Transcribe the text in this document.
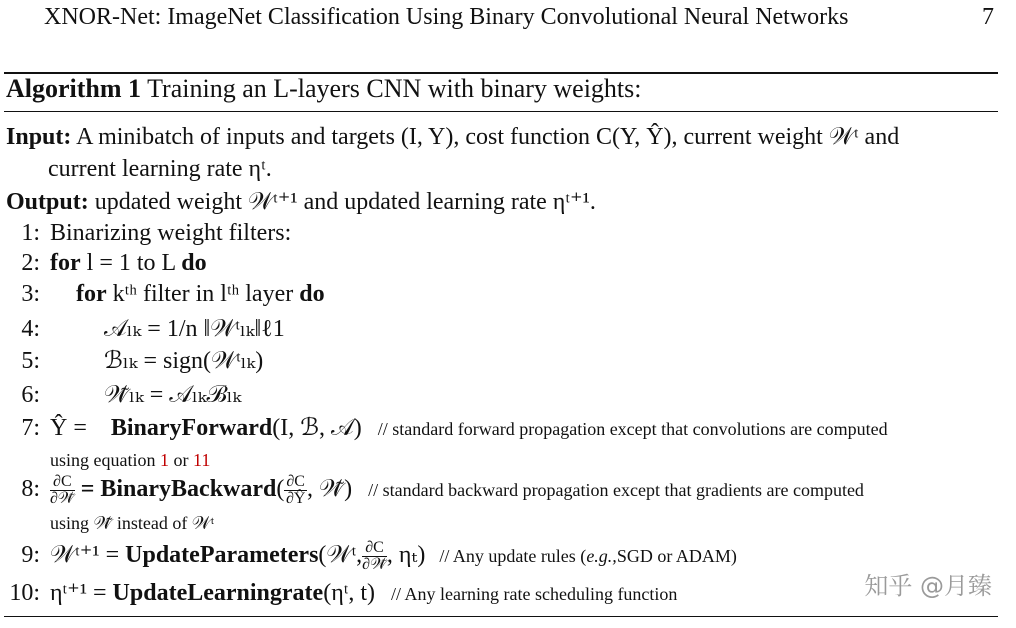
XNOR-Net: ImageNet Classification Using Binary Convolutional Neural Networks	7
Algorithm 1 Training an L-layers CNN with binary weights:
Input: A minibatch of inputs and targets (I, Y), cost function C(Y, Ŷ), current weight 𝒲ᵗ and
current learning rate ηᵗ.
Output: updated weight 𝒲ᵗ⁺¹ and updated learning rate ηᵗ⁺¹.
1: Binarizing weight filters:
2: for l = 1 to L do
3: for kᵗʰ filter in lᵗʰ layer do
4:	𝒜ₗₖ = 1/n ‖𝒲ᵗₗₖ‖ℓ1
5:	ℬₗₖ = sign(𝒲ᵗₗₖ)
6:	𝒲̃ₗₖ = 𝒜ₗₖℬₗₖ
7: Ŷ = BinaryForward(I, ℬ, 𝒜) // standard forward propagation except that convolutions are computed
using equation 1 or 11
8: $\frac{\partial C}{\text{∂𝒲̃}}$ = BinaryBackward( $\frac{\partial C}{\partial Ŷ}$ , 𝒲̃) // standard backward propagation except that gradients are computed
using 𝒲̃ instead of 𝒲ᵗ
9: 𝒲ᵗ⁺¹ = UpdateParameters(𝒲ᵗ, $\frac{\partial C}{\text{∂𝒲̃}}$ , ηₜ) // Any update rules (e.g.,SGD or ADAM)
10: ηᵗ⁺¹ = UpdateLearningrate(ηᵗ, t) // Any learning rate scheduling function	知乎 @月臻
